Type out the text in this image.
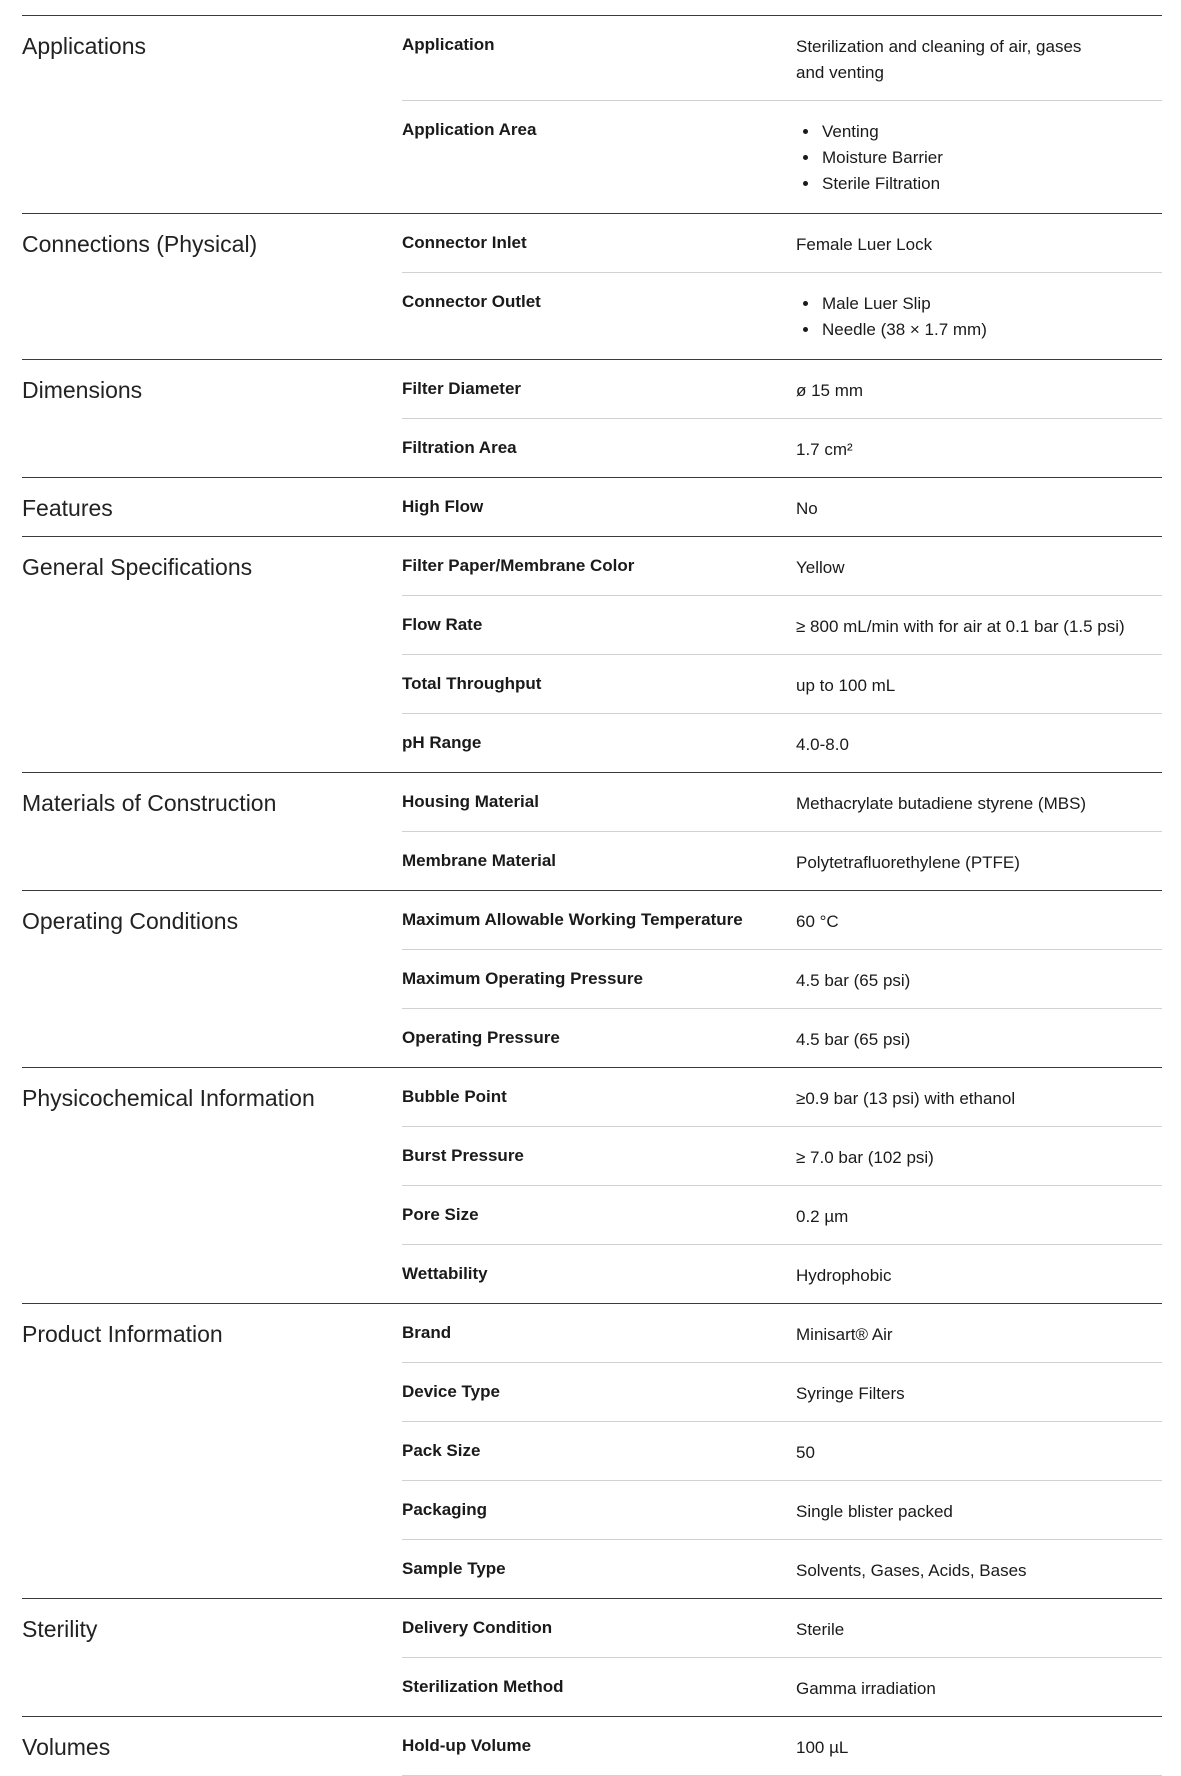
Applications	Application	Sterilization and cleaning of air, gases and venting
Application Area	• Venting
• Moisture Barrier
• Sterile Filtration
Connections (Physical)	Connector Inlet	Female Luer Lock
Connector Outlet	• Male Luer Slip
• Needle (38 × 1.7 mm)
Dimensions	Filter Diameter	ø 15 mm
Filtration Area	1.7 cm²
Features	High Flow	No
General Specifications	Filter Paper/Membrane Color	Yellow
Flow Rate	≥ 800 mL/min with for air at 0.1 bar (1.5 psi)
Total Throughput	up to 100 mL
pH Range	4.0-8.0
Materials of Construction	Housing Material	Methacrylate butadiene styrene (MBS)
Membrane Material	Polytetrafluorethylene (PTFE)
Operating Conditions	Maximum Allowable Working Temperature	60 °C
Maximum Operating Pressure	4.5 bar (65 psi)
Operating Pressure	4.5 bar (65 psi)
Physicochemical Information	Bubble Point	≥0.9 bar (13 psi) with ethanol
Burst Pressure	≥ 7.0 bar (102 psi)
Pore Size	0.2 µm
Wettability	Hydrophobic
Product Information	Brand	Minisart® Air
Device Type	Syringe Filters
Pack Size	50
Packaging	Single blister packed
Sample Type	Solvents, Gases, Acids, Bases
Sterility	Delivery Condition	Sterile
Sterilization Method	Gamma irradiation
Volumes	Hold-up Volume	100 µL
